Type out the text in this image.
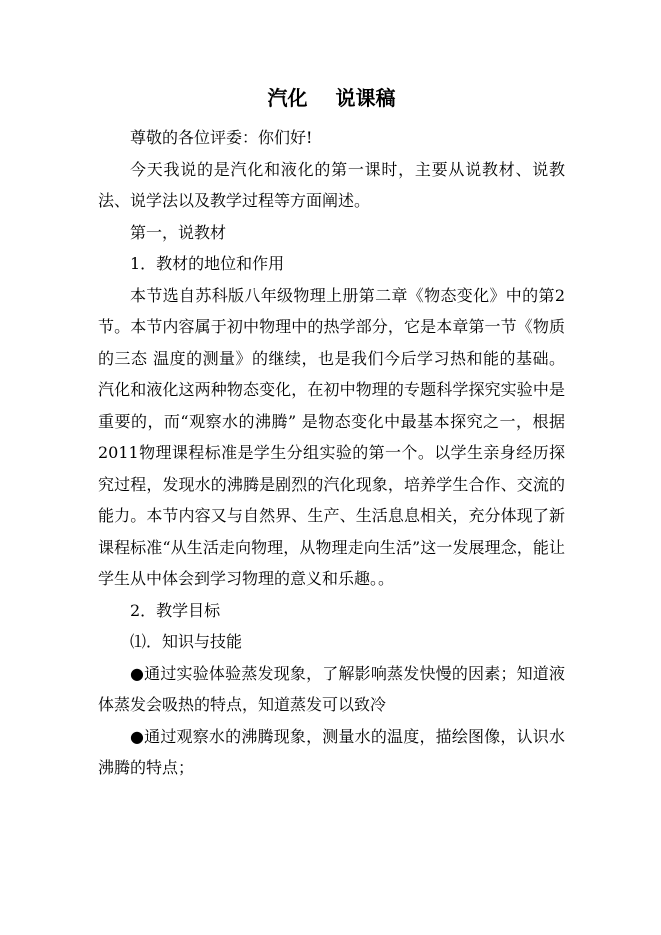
汽化 说课稿

尊敬的各位评委：你们好!

今天我说的是汽化和液化的第一课时，主要从说教材、说教法、说学法以及教学过程等方面阐述。

第一，说教材

1．教材的地位和作用

本节选自苏科版八年级物理上册第二章《物态变化》中的第2节。本节内容属于初中物理中的热学部分，它是本章第一节《物质的三态 温度的测量》的继续，也是我们今后学习热和能的基础。汽化和液化这两种物态变化，在初中物理的专题科学探究实验中是重要的，而“观察水的沸腾” 是物态变化中最基本探究之一，根据2011物理课程标准是学生分组实验的第一个。以学生亲身经历探究过程，发现水的沸腾是剧烈的汽化现象，培养学生合作、交流的能力。本节内容又与自然界、生产、生活息息相关，充分体现了新课程标准“从生活走向物理，从物理走向生活”这一发展理念，能让学生从中体会到学习物理的意义和乐趣。。

2．教学目标

⑴．知识与技能

●通过实验体验蒸发现象，了解影响蒸发快慢的因素；知道液体蒸发会吸热的特点，知道蒸发可以致冷

●通过观察水的沸腾现象，测量水的温度，描绘图像，认识水沸腾的特点；
